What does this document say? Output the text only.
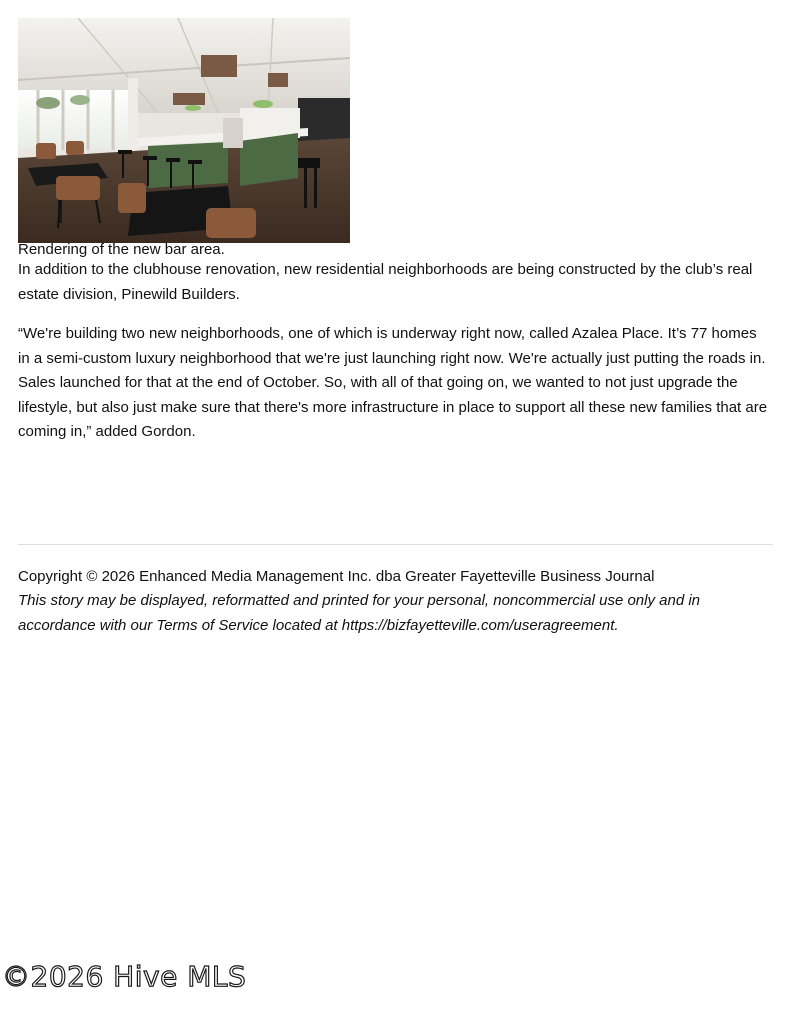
Rendering of the new bar area.

In addition to the clubhouse renovation, new residential neighborhoods are being constructed by the club’s real
estate division, Pinewild Builders.
“We're building two new neighborhoods, one of which is underway right now, called Azalea Place. It’s 77 homes
in a semi-custom luxury neighborhood that we're just launching right now. We're actually just putting the roads in.
Sales launched for that at the end of October. So, with all of that going on, we wanted to not just upgrade the
lifestyle, but also just make sure that there's more infrastructure in place to support all these new families that are
coming in,” added Gordon.

Copyright © 2026 Enhanced Media Management Inc. dba Greater Fayetteville Business Journal

This story may be displayed, reformatted and printed for your personal, noncommercial use only and in
accordance with our Terms of Service located at https://bizfayetteville.com/useragreement.

©2026 Hive MLS
